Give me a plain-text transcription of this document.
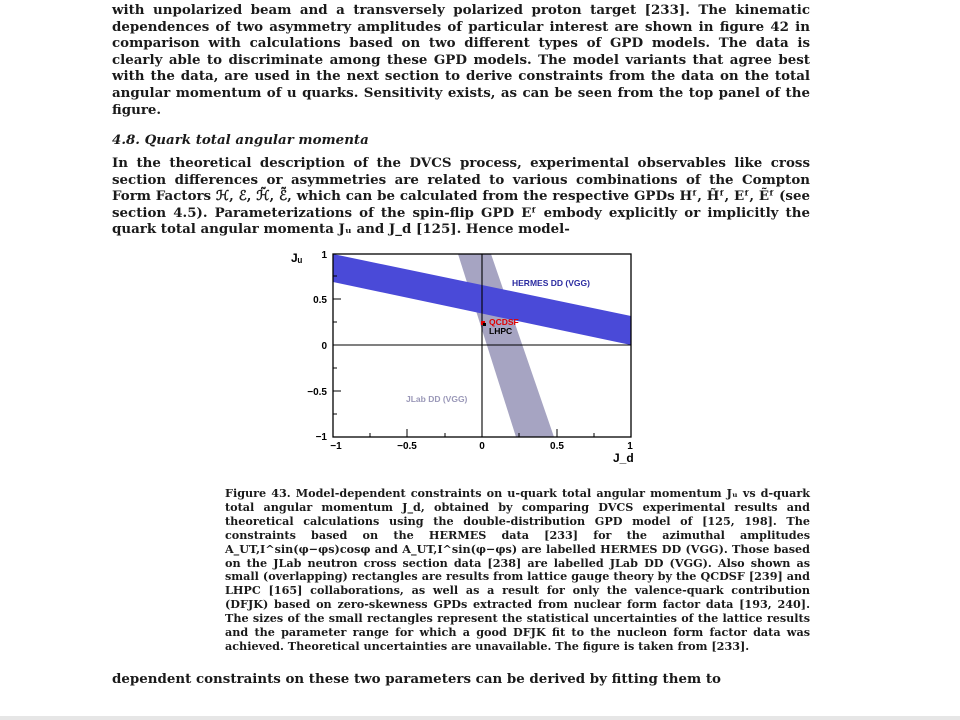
with unpolarized beam and a transversely polarized proton target [233]. The kinematic dependences of two asymmetry amplitudes of particular interest are shown in figure 42 in comparison with calculations based on two different types of GPD models. The data is clearly able to discriminate among these GPD models. The model variants that agree best with the data, are used in the next section to derive constraints from the data on the total angular momentum of u quarks. Sensitivity exists, as can be seen from the top panel of the figure.

4.8. Quark total angular momenta

In the theoretical description of the DVCS process, experimental observables like cross section differences or asymmetries are related to various combinations of the Compton Form Factors ℋ, ℰ, ℋ̃, ℰ̃, which can be calculated from the respective GPDs Hᶠ, H̃ᶠ, Eᶠ, Ẽᶠ (see section 4.5). Parameterizations of the spin-flip GPD Eᶠ embody explicitly or implicitly the quark total angular momenta Jᵤ and J_d [125]. Hence model-

1
0.5
0
−0.5
−1
−1	−0.5	0	0.5	1
Jᵤ
J_d
HERMES DD (VGG)
JLab DD (VGG)
QCDSF
LHPC

Figure 43. Model-dependent constraints on u-quark total angular momentum Jᵤ vs d-quark total angular momentum J_d, obtained by comparing DVCS experimental results and theoretical calculations using the double-distribution GPD model of [125, 198]. The constraints based on the HERMES data [233] for the azimuthal amplitudes A_UT,I^sin(φ−φs)cosφ and A_UT,I^sin(φ−φs) are labelled HERMES DD (VGG). Those based on the JLab neutron cross section data [238] are labelled JLab DD (VGG). Also shown as small (overlapping) rectangles are results from lattice gauge theory by the QCDSF [239] and LHPC [165] collaborations, as well as a result for only the valence-quark contribution (DFJK) based on zero-skewness GPDs extracted from nuclear form factor data [193, 240]. The sizes of the small rectangles represent the statistical uncertainties of the lattice results and the parameter range for which a good DFJK fit to the nucleon form factor data was achieved. Theoretical uncertainties are unavailable. The figure is taken from [233].

dependent constraints on these two parameters can be derived by fitting them to
